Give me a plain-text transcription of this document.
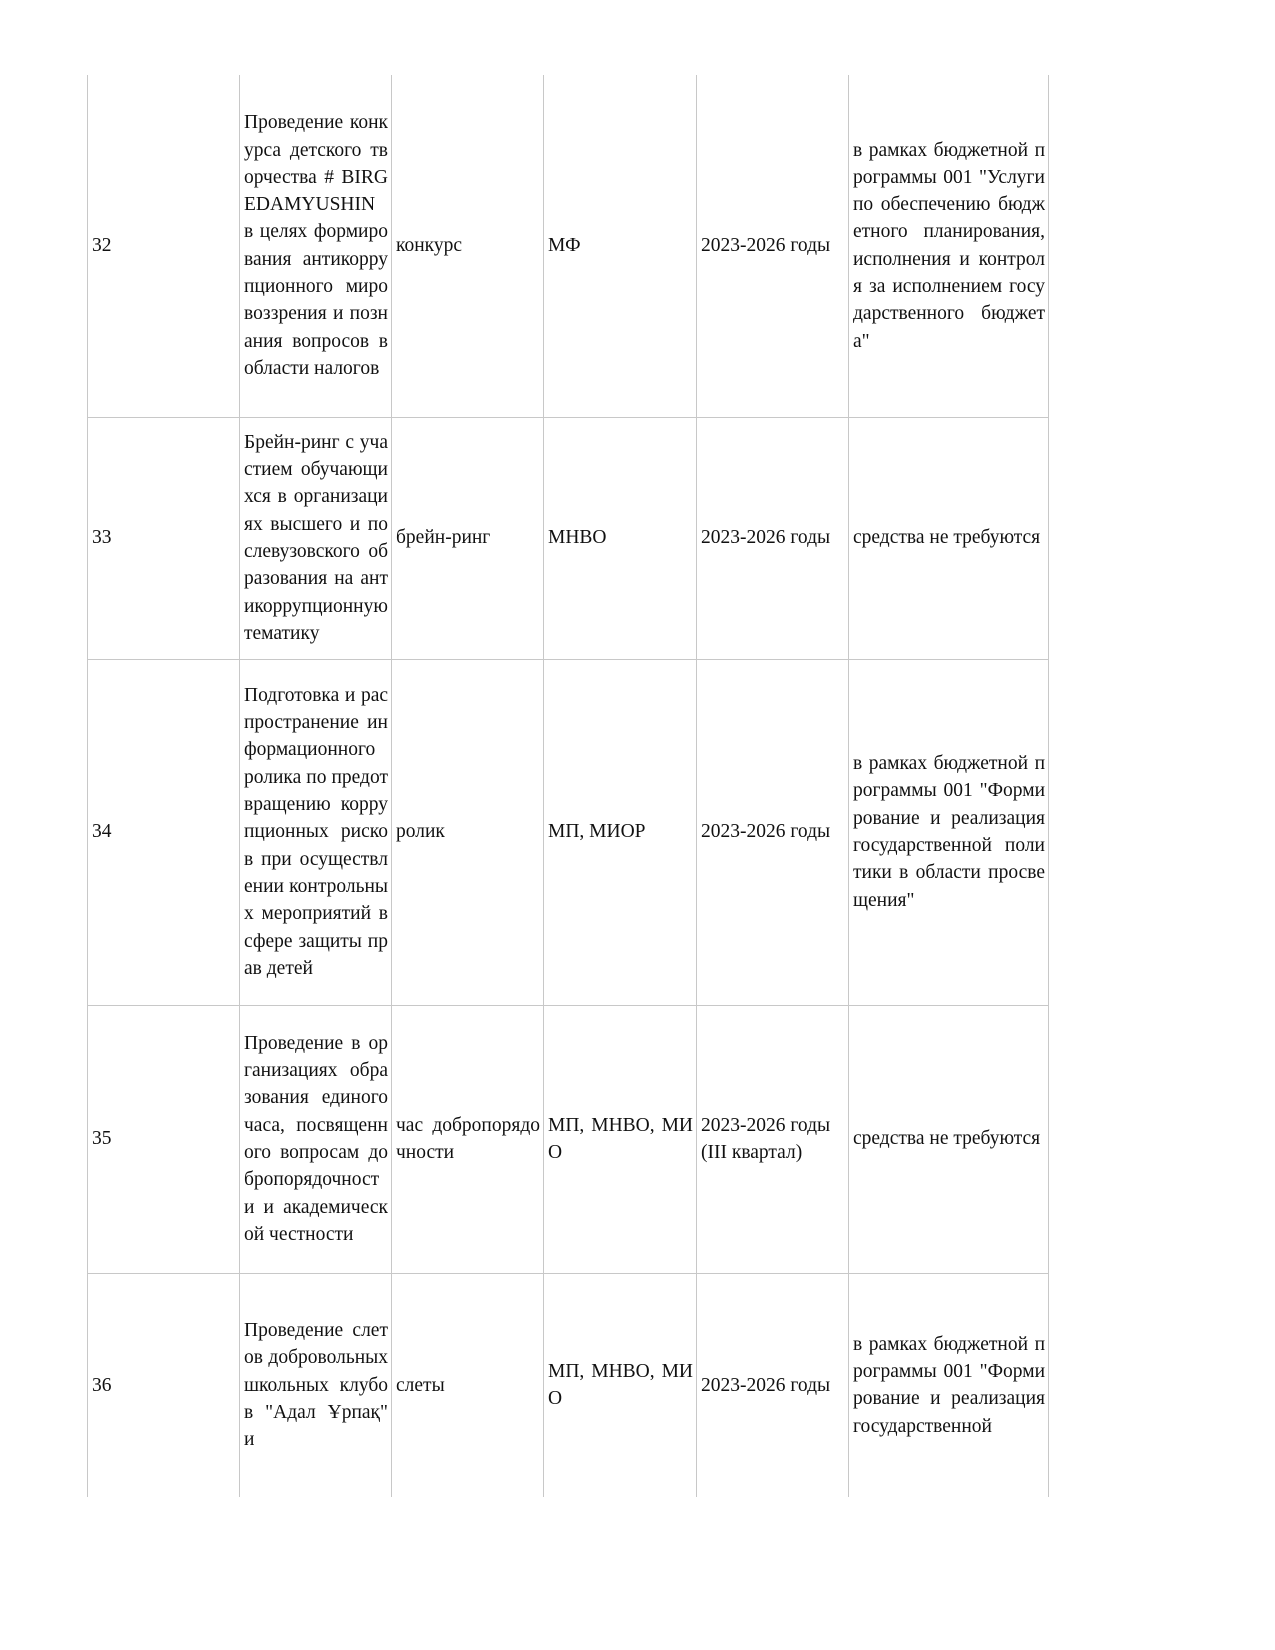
32	Проведение конкурса детского творчества # BIRGEDAMYUSHIN в целях формирования антикоррупционного мировоззрения и познания вопросов в области налогов	конкурс	МФ	2023-2026 годы	в рамках бюджетной программы 001 "Услуги по обеспечению бюджетного планирования, исполнения и контроля за исполнением государственного бюджета"
33	Брейн-ринг с участием обучающихся в организациях высшего и послевузовского образования на антикоррупционную тематику	брейн-ринг	МНВО	2023-2026 годы	средства не требуются
34	Подготовка и распространение информационного ролика по предотвращению коррупционных рисков при осуществлении контрольных мероприятий в сфере защиты прав детей	ролик	МП, МИОР	2023-2026 годы	в рамках бюджетной программы 001 "Формирование и реализация государственной политики в области просвещения"
35	Проведение в организациях образования единого часа, посвященного вопросам добропорядочности и академической честности	час добропорядочности	МП, МНВО, МИО	2023-2026 годы (III квартал)	средства не требуются
36	Проведение слетов добровольных школьных клубов "Адал Ұрпақ" и	слеты	МП, МНВО, МИО	2023-2026 годы	в рамках бюджетной программы 001 "Формирование и реализация государственной
